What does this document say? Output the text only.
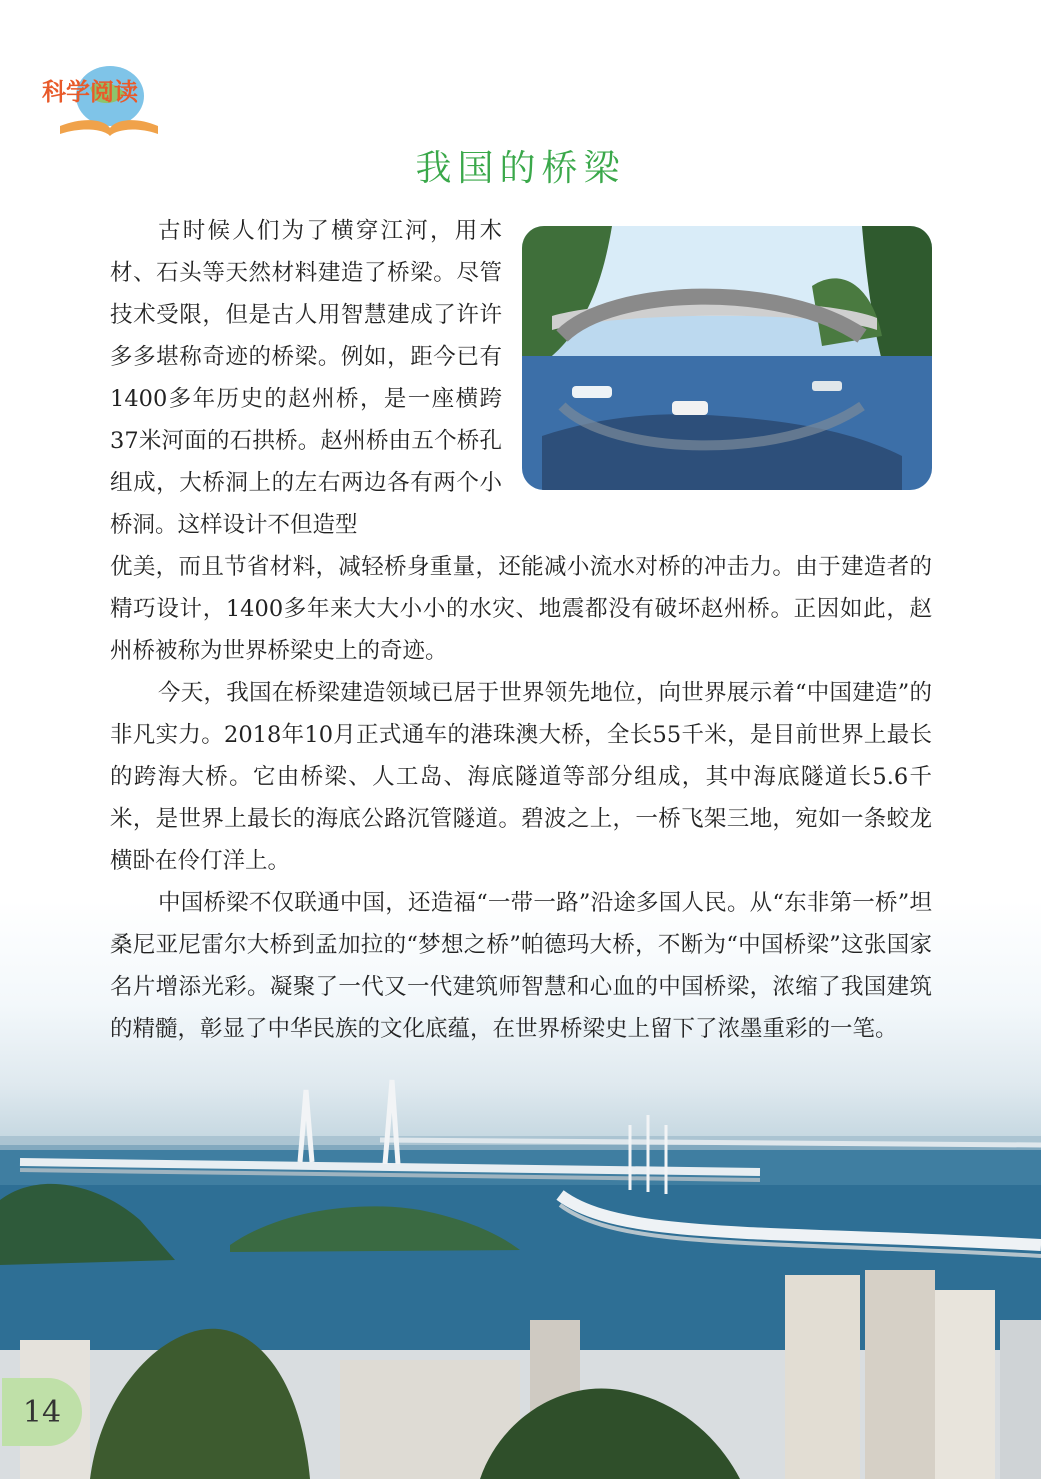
科学阅读
我国的桥梁

古时候人们为了横穿江河，用木材、石头等天然材料建造了桥梁。尽管技术受限，但是古人用智慧建成了许许多多堪称奇迹的桥梁。例如，距今已有1400多年历史的赵州桥，是一座横跨37米河面的石拱桥。赵州桥由五个桥孔组成，大桥洞上的左右两边各有两个小桥洞。这样设计不但造型

优美，而且节省材料，减轻桥身重量，还能减小流水对桥的冲击力。由于建造者的精巧设计，1400多年来大大小小的水灾、地震都没有破坏赵州桥。正因如此，赵州桥被称为世界桥梁史上的奇迹。

今天，我国在桥梁建造领域已居于世界领先地位，向世界展示着“中国建造”的非凡实力。2018年10月正式通车的港珠澳大桥，全长55千米，是目前世界上最长的跨海大桥。它由桥梁、人工岛、海底隧道等部分组成，其中海底隧道长5.6千米，是世界上最长的海底公路沉管隧道。碧波之上，一桥飞架三地，宛如一条蛟龙横卧在伶仃洋上。

中国桥梁不仅联通中国，还造福“一带一路”沿途多国人民。从“东非第一桥”坦桑尼亚尼雷尔大桥到孟加拉的“梦想之桥”帕德玛大桥，不断为“中国桥梁”这张国家名片增添光彩。凝聚了一代又一代建筑师智慧和心血的中国桥梁，浓缩了我国建筑的精髓，彰显了中华民族的文化底蕴，在世界桥梁史上留下了浓墨重彩的一笔。

14
